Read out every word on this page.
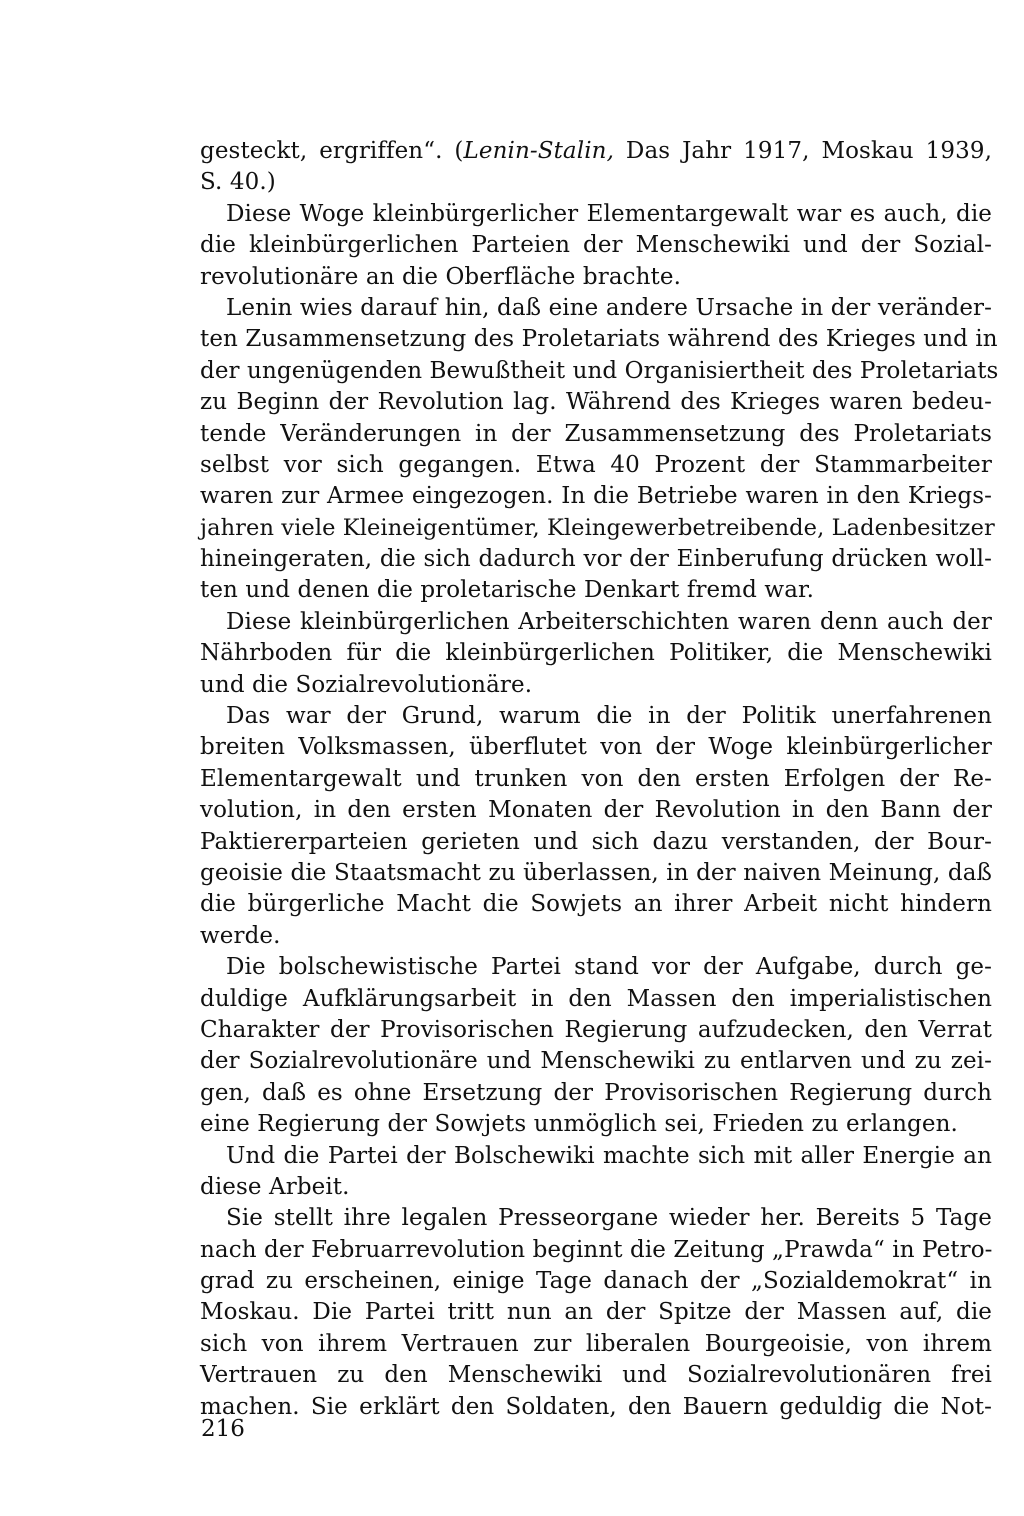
gesteckt, ergriffen“. (Lenin-Stalin, Das Jahr 1917, Moskau 1939,
S. 40.)
Diese Woge kleinbürgerlicher Elementargewalt war es auch, die
die kleinbürgerlichen Parteien der Menschewiki und der Sozial-
revolutionäre an die Oberfläche brachte.
Lenin wies darauf hin, daß eine andere Ursache in der veränder-
ten Zusammensetzung des Proletariats während des Krieges und in
der ungenügenden Bewußtheit und Organisiertheit des Proletariats
zu Beginn der Revolution lag. Während des Krieges waren bedeu-
tende Veränderungen in der Zusammensetzung des Proletariats
selbst vor sich gegangen. Etwa 40 Prozent der Stammarbeiter
waren zur Armee eingezogen. In die Betriebe waren in den Kriegs-
jahren viele Kleineigentümer, Kleingewerbetreibende, Ladenbesitzer
hineingeraten, die sich dadurch vor der Einberufung drücken woll-
ten und denen die proletarische Denkart fremd war.
Diese kleinbürgerlichen Arbeiterschichten waren denn auch der
Nährboden für die kleinbürgerlichen Politiker, die Menschewiki
und die Sozialrevolutionäre.
Das war der Grund, warum die in der Politik unerfahrenen
breiten Volksmassen, überflutet von der Woge kleinbürgerlicher
Elementargewalt und trunken von den ersten Erfolgen der Re-
volution, in den ersten Monaten der Revolution in den Bann der
Paktiererparteien gerieten und sich dazu verstanden, der Bour-
geoisie die Staatsmacht zu überlassen, in der naiven Meinung, daß
die bürgerliche Macht die Sowjets an ihrer Arbeit nicht hindern
werde.
Die bolschewistische Partei stand vor der Aufgabe, durch ge-
duldige Aufklärungsarbeit in den Massen den imperialistischen
Charakter der Provisorischen Regierung aufzudecken, den Verrat
der Sozialrevolutionäre und Menschewiki zu entlarven und zu zei-
gen, daß es ohne Ersetzung der Provisorischen Regierung durch
eine Regierung der Sowjets unmöglich sei, Frieden zu erlangen.
Und die Partei der Bolschewiki machte sich mit aller Energie an
diese Arbeit.
Sie stellt ihre legalen Presseorgane wieder her. Bereits 5 Tage
nach der Februarrevolution beginnt die Zeitung „Prawda“ in Petro-
grad zu erscheinen, einige Tage danach der „Sozialdemokrat“ in
Moskau. Die Partei tritt nun an der Spitze der Massen auf, die
sich von ihrem Vertrauen zur liberalen Bourgeoisie, von ihrem
Vertrauen zu den Menschewiki und Sozialrevolutionären frei
machen. Sie erklärt den Soldaten, den Bauern geduldig die Not-
216
